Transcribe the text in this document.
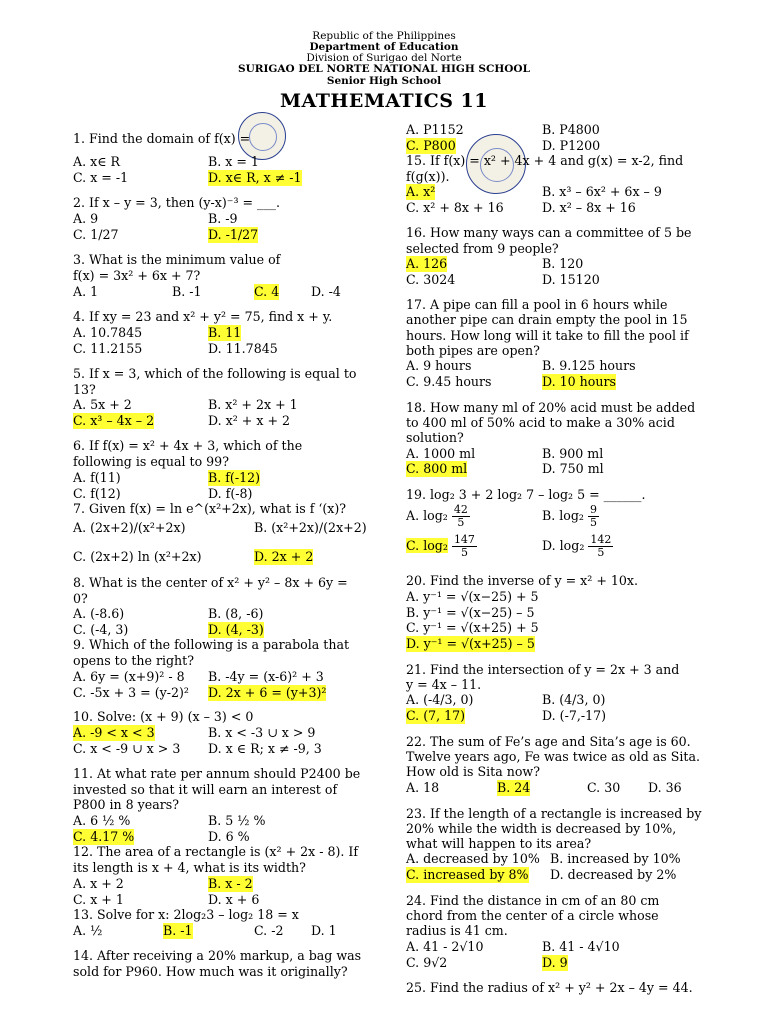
Republic of the Philippines
Department of Education
Division of Surigao del Norte
SURIGAO DEL NORTE NATIONAL HIGH SCHOOL
Senior High School
MATHEMATICS 11
1. Find the domain of f(x) =
A. x∈ R	B. x = 1
C. x = -1	D. x∈ R, x ≠ -1
2. If x – y = 3, then (y-x)⁻³ = ___.
A. 9	B. -9
C. 1/27	D. -1/27
3. What is the minimum value of
f(x) = 3x² + 6x + 7?
A. 1	B. -1	C. 4	D. -4
4. If xy = 23 and x² + y² = 75, find x + y.
A. 10.7845	B. 11
C. 11.2155	D. 11.7845
5. If x = 3, which of the following is equal to
13?
A. 5x + 2	B. x² + 2x + 1
C. x³ – 4x – 2	D. x² + x + 2
6. If f(x) = x² + 4x + 3, which of the
following is equal to 99?
A. f(11)	B. f(-12)
C. f(12)	D. f(-8)
7. Given f(x) = ln e^(x²+2x), what is f ‘(x)?
A. (2x+2)/(x²+2x)	B. (x²+2x)/(2x+2)
C. (2x+2) ln (x²+2x)	D. 2x + 2
8. What is the center of x² + y² – 8x + 6y =
0?
A. (-8.6)	B. (8, -6)
C. (-4, 3)	D. (4, -3)
9. Which of the following is a parabola that
opens to the right?
A. 6y = (x+9)² - 8 B. -4y = (x-6)² + 3
C. -5x + 3 = (y-2)² D. 2x + 6 = (y+3)²
10. Solve: (x + 9) (x – 3) < 0
A. -9 < x < 3	B. x < -3 ∪ x > 9
C. x < -9 ∪ x > 3 D. x ∈ R; x ≠ -9, 3
11. At what rate per annum should P2400 be
invested so that it will earn an interest of
P800 in 8 years?
A. 6 ½ %	B. 5 ½ %
C. 4.17 %	D. 6 %
12. The area of a rectangle is (x² + 2x - 8). If
its length is x + 4, what is its width?
A. x + 2	B. x - 2
C. x + 1	D. x + 6
13. Solve for x: 2log₂3 – log₂ 18 = x
A. ½	B. -1	C. -2 D. 1
14. After receiving a 20% markup, a bag was
sold for P960. How much was it originally?
A. P1152	B. P4800
C. P800	D. P1200
15. If f(x) = x² + 4x + 4 and g(x) = x-2, find
f(g(x)).
A. x²	B. x³ – 6x² + 6x – 9
C. x² + 8x + 16	D. x² – 8x + 16
16. How many ways can a committee of 5 be
selected from 9 people?
A. 126	B. 120
C. 3024	D. 15120
17. A pipe can fill a pool in 6 hours while
another pipe can drain empty the pool in 15
hours. How long will it take to fill the pool if
both pipes are open?
A. 9 hours	B. 9.125 hours
C. 9.45 hours	D. 10 hours
18. How many ml of 20% acid must be added
to 400 ml of 50% acid to make a 30% acid
solution?
A. 1000 ml	B. 900 ml
C. 800 ml	D. 750 ml
19. log₂ 3 + 2 log₂ 7 – log₂ 5 = ______.
A. $\log_2 \frac{42}{5}$	B. $\log_2 \frac{9}{5}$
C. $\log_2 \frac{147}{5}$	D. $\log_2 \frac{142}{5}$
20. Find the inverse of y = x² + 10x.
A. y⁻¹ = √(x−25) + 5
B. y⁻¹ = √(x−25) – 5
C. y⁻¹ = √(x+25) + 5
D. y⁻¹ = √(x+25) – 5
21. Find the intersection of y = 2x + 3 and
y = 4x – 11.
A. (-4/3, 0)	B. (4/3, 0)
C. (7, 17)	D. (-7,-17)
22. The sum of Fe’s age and Sita’s age is 60.
Twelve years ago, Fe was twice as old as Sita.
How old is Sita now?
A. 18	B. 24	C. 30 D. 36
23. If the length of a rectangle is increased by
20% while the width is decreased by 10%,
what will happen to its area?
A. decreased by 10% B. increased by 10%
C. increased by 8% D. decreased by 2%
24. Find the distance in cm of an 80 cm
chord from the center of a circle whose
radius is 41 cm.
A. 41 - 2√10	B. 41 - 4√10
C. 9√2	D. 9
25. Find the radius of x² + y² + 2x – 4y = 44.
